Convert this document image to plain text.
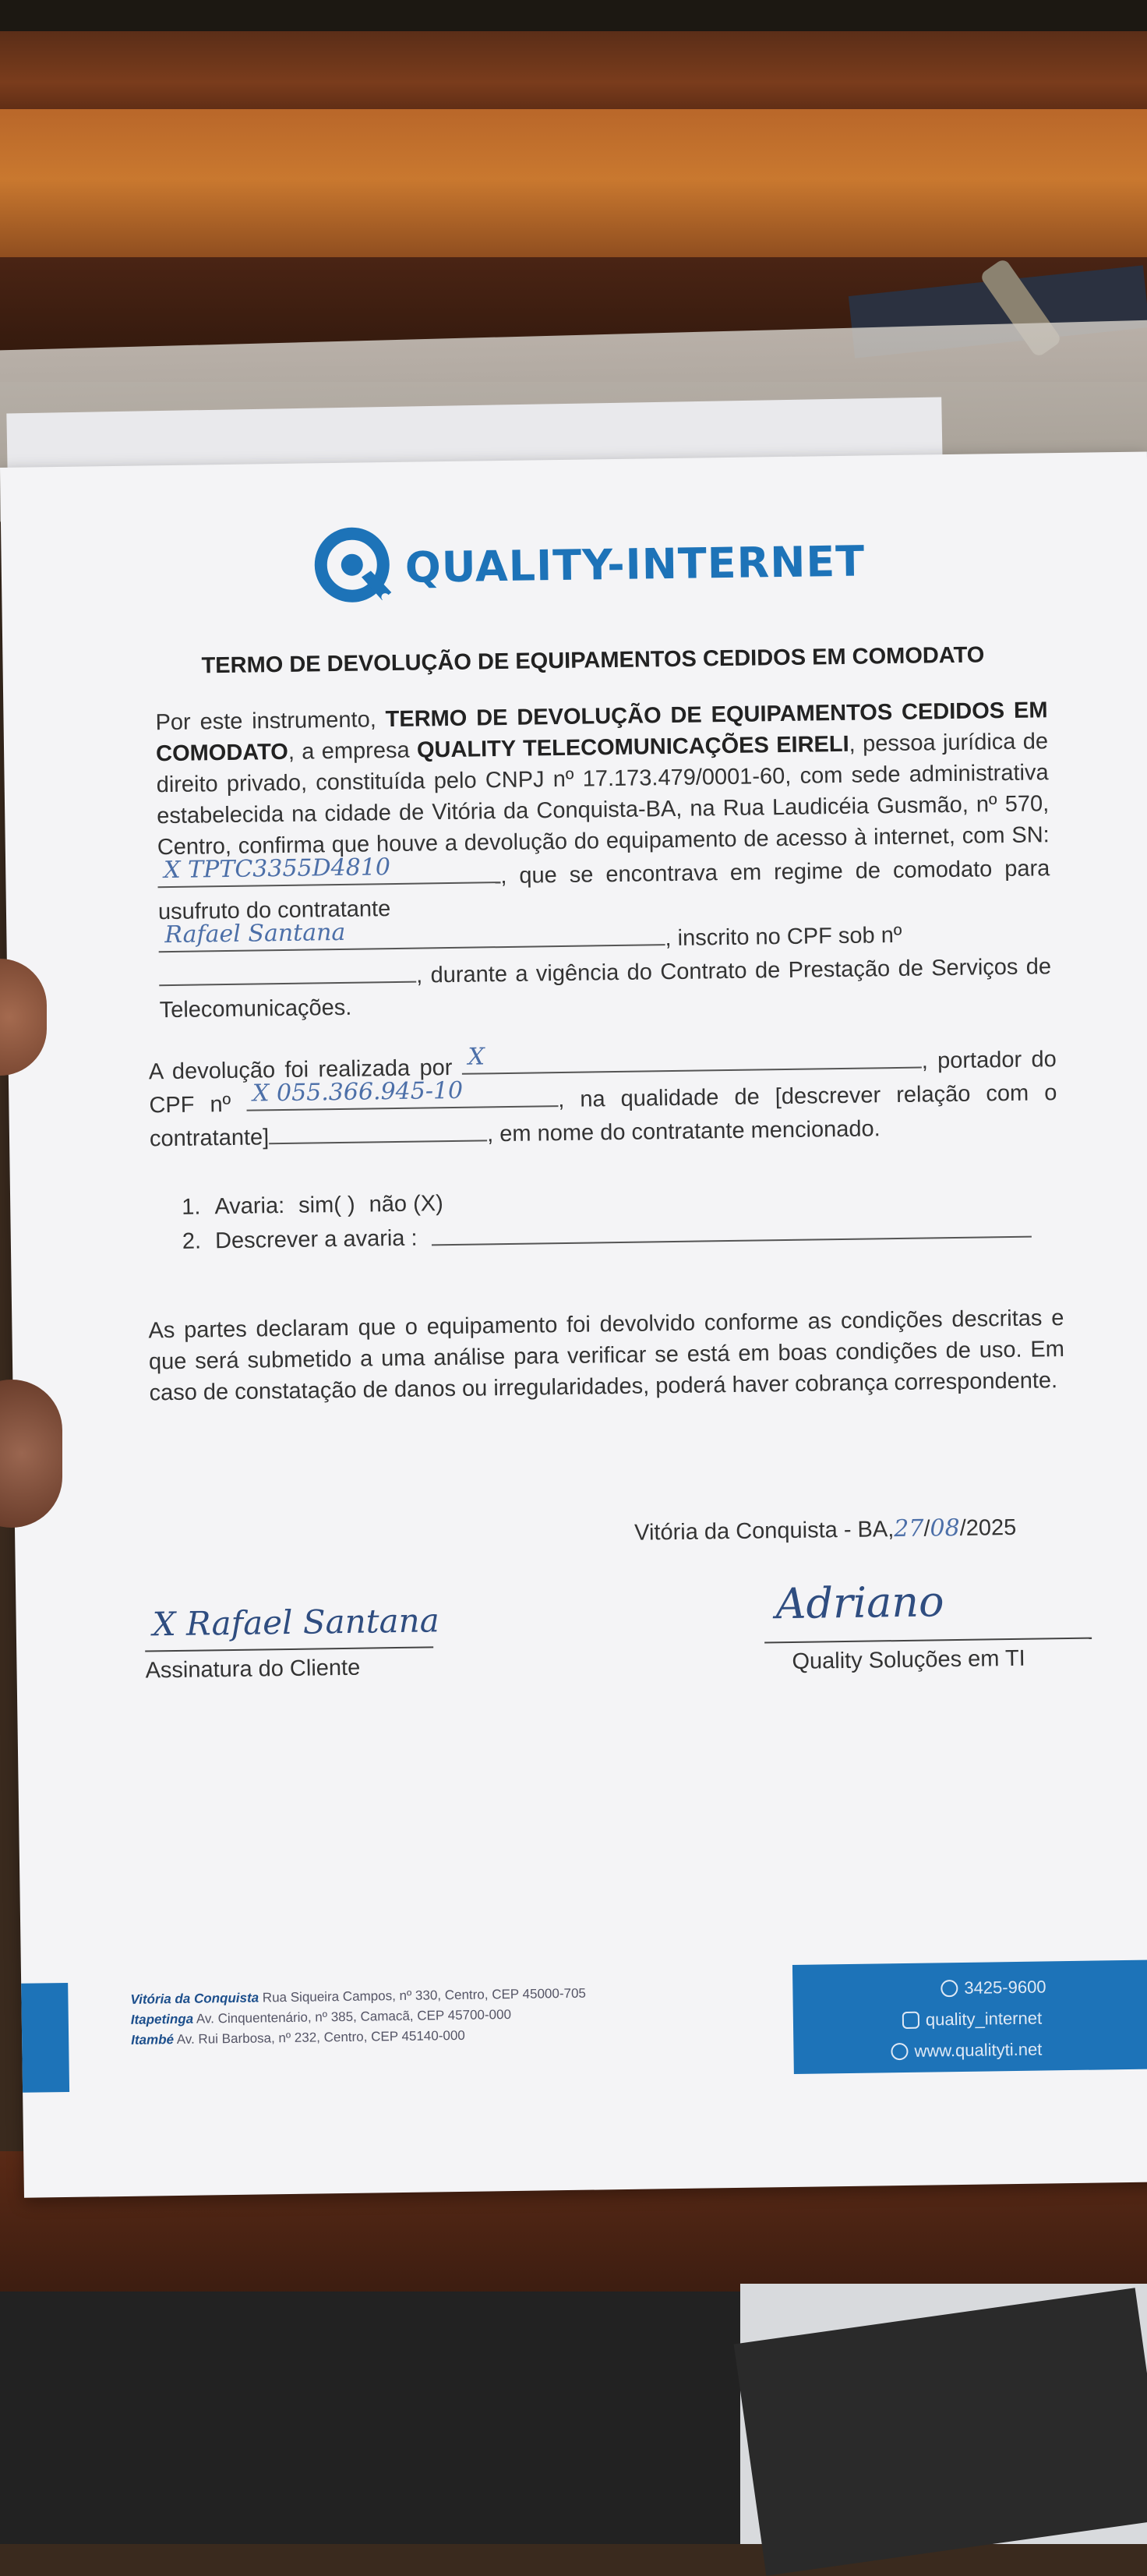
QUALITY-INTERNET
TERMO DE DEVOLUÇÃO DE EQUIPAMENTOS CEDIDOS EM COMODATO
Por este instrumento, TERMO DE DEVOLUÇÃO DE EQUIPAMENTOS CEDIDOS EM COMODATO, a empresa QUALITY TELECOMUNICAÇÕES EIRELI, pessoa jurídica de direito privado, constituída pelo CNPJ nº 17.173.479/0001-60, com sede administrativa estabelecida na cidade de Vitória da Conquista-BA, na Rua Laudicéia Gusmão, nº 570, Centro, confirma que houve a devolução do equipamento de acesso à internet, com SN:
X TPTC3355D4810	, que se encontrava em regime de comodato para usufruto do contratante

Rafael Santana	, inscrito no CPF sob nº
, durante a vigência do Contrato de Prestação de Serviços de Telecomunicações.
A devolução foi realizada por X	, portador do CPF nº X 055.366.945-10	, na qualidade de [descrever relação com o contratante]	, em nome do contratante mencionado.
1. Avaria: sim( ) não (X)
2. Descrever a avaria :
As partes declaram que o equipamento foi devolvido conforme as condições descritas e que será submetido a uma análise para verificar se está em boas condições de uso. Em caso de constatação de danos ou irregularidades, poderá haver cobrança correspondente.
Vitória da Conquista - BA,27/08/2025
X Rafael Santana
Assinatura do Cliente
Adriano
Quality Soluções em TI
Vitória da Conquista Rua Siqueira Campos, nº 330, Centro, CEP 45000-705
Itapetinga Av. Cinquentenário, nº 385, Camacã, CEP 45700-000
Itambé Av. Rui Barbosa, nº 232, Centro, CEP 45140-000
3425-9600
quality_internet
www.qualityti.net
